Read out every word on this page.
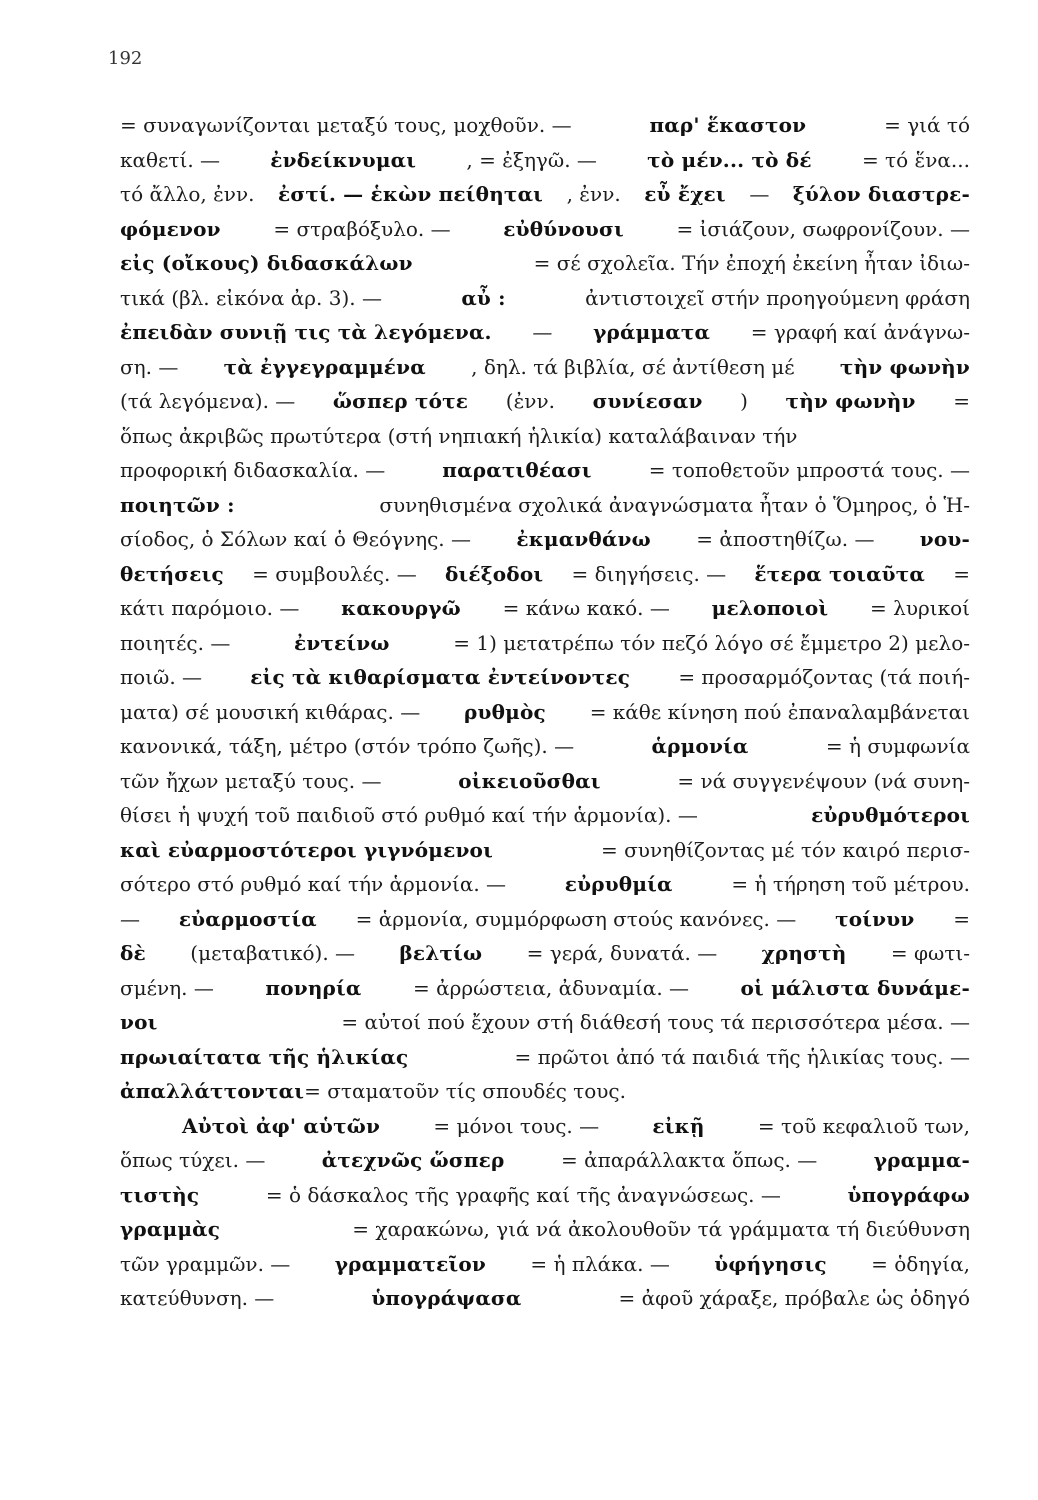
192
= συναγωνίζονται μεταξύ τους, μοχθοῦν. —	παρ' ἕκαστον	= γιά τό
καθετί. —	ἐνδείκνυμαι	, = ἐξηγῶ. —	τὸ μέν... τὸ δέ	= τό ἕνα...
τό ἄλλο, ἐνν. ἐστί. — ἑκὼν πείθηται , ἐνν. εὖ ἔχει — ξύλον διαστρε-
φόμενον	= στραβόξυλο. —	εὐθύνουσι	= ἰσιάζουν, σωφρονίζουν. —
εἰς (οἴκους) διδασκάλων	= σέ σχολεῖα. Τήν ἐποχή ἐκείνη ἦταν ἰδιω-
τικά (βλ. εἰκόνα ἀρ. 3). —	αὖ :	ἀντιστοιχεῖ στήν προηγούμενη φράση
ἐπειδὰν συνιῇ τις τὰ λεγόμενα. — γράμματα = γραφή καί ἀνάγνω-
ση. — τὰ ἐγγεγραμμένα , δηλ. τά βιβλία, σέ ἀντίθεση μέ τὴν φωνὴν
(τά λεγόμενα). — ὥσπερ τότε (ἐνν. συνίεσαν ) τὴν φωνὴν =
ὅπως ἀκριβῶς πρωτύτερα (στή νηπιακή ἡλικία) καταλάβαιναν τήν
προφορική διδασκαλία. —	παρατιθέασι	= τοποθετοῦν μπροστά τους. —
ποιητῶν :	συνηθισμένα σχολικά ἀναγνώσματα ἦταν ὁ Ὅμηρος, ὁ Ἡ-
σίοδος, ὁ Σόλων καί ὁ Θεόγνης. — ἐκμανθάνω = ἀποστηθίζω. — νου-
θετήσεις = συμβουλές. — διέξοδοι = διηγήσεις. — ἕτερα τοιαῦτα =
κάτι παρόμοιο. — κακουργῶ = κάνω κακό. — μελοποιοὶ = λυρικοί
ποιητές. —	ἐντείνω	= 1) μετατρέπω τόν πεζό λόγο σέ ἔμμετρο 2) μελο-
ποιῶ. — εἰς τὰ κιθαρίσματα ἐντείνοντες = προσαρμόζοντας (τά ποιή-
ματα) σέ μουσική κιθάρας. — ρυθμὸς = κάθε κίνηση πού ἐπαναλαμβάνεται
κανονικά, τάξη, μέτρο (στόν τρόπο ζωῆς). —	ἁρμονία	= ἡ συμφωνία
τῶν ἤχων μεταξύ τους. —	οἰκειοῦσθαι	= νά συγγενέψουν (νά συνη-
θίσει ἡ ψυχή τοῦ παιδιοῦ στό ρυθμό καί τήν ἁρμονία). —	εὐρυθμότεροι
καὶ εὐαρμοστότεροι γιγνόμενοι	= συνηθίζοντας μέ τόν καιρό περισ-
σότερο στό ρυθμό καί τήν ἁρμονία. —	εὐρυθμία	= ἡ τήρηση τοῦ μέτρου.
— εὐαρμοστία = ἁρμονία, συμμόρφωση στούς κανόνες. — τοίνυν =
δὲ (μεταβατικό). — βελτίω = γερά, δυνατά. — χρηστὴ = φωτι-
σμένη. —	πονηρία	= ἀρρώστεια, ἀδυναμία. —	οἱ μάλιστα δυνάμε-
νοι	= αὐτοί πού ἔχουν στή διάθεσή τους τά περισσότερα μέσα. —
πρωιαίτατα τῆς ἡλικίας	= πρῶτοι ἀπό τά παιδιά τῆς ἡλικίας τους. —
ἀπαλλάττονται = σταματοῦν τίς σπουδές τους.
Αὐτοὶ ἀφ' αὑτῶν	= μόνοι τους. —	εἰκῇ	= τοῦ κεφαλιοῦ των,
ὅπως τύχει. —	ἀτεχνῶς ὥσπερ	= ἀπαράλλακτα ὅπως. —	γραμμα-
τιστὴς	= ὁ δάσκαλος τῆς γραφῆς καί τῆς ἀναγνώσεως. —	ὑπογράφω
γραμμὰς	= χαρακώνω, γιά νά ἀκολουθοῦν τά γράμματα τή διεύθυνση
τῶν γραμμῶν. — γραμματεῖον = ἡ πλάκα. — ὑφήγησις = ὁδηγία,
κατεύθυνση. —	ὑπογράψασα	= ἀφοῦ χάραξε, πρόβαλε ὡς ὁδηγό
